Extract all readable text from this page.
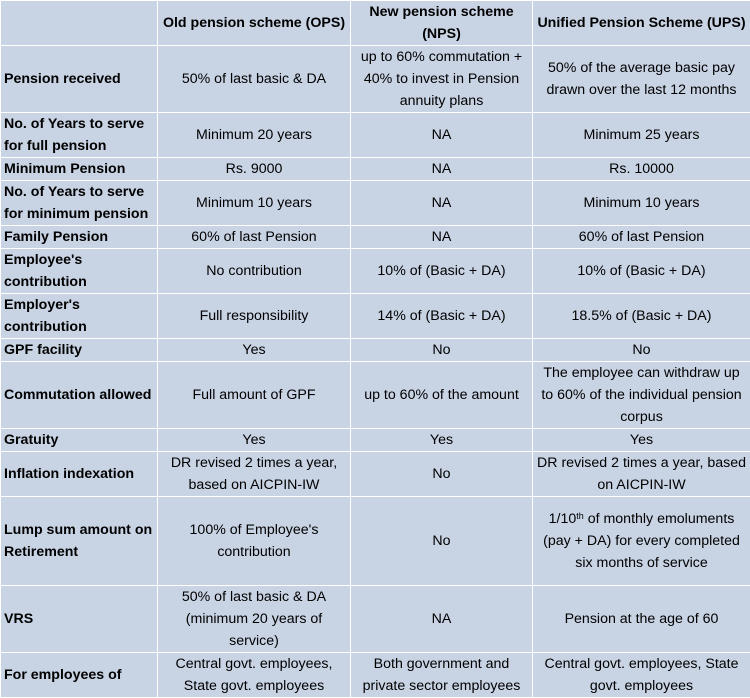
	Old pension scheme (OPS)	New pension scheme (NPS)	Unified Pension Scheme (UPS)
Pension received	50% of last basic & DA	up to 60% commutation + 40% to invest in Pension annuity plans	50% of the average basic pay drawn over the last 12 months
No. of Years to serve for full pension	Minimum 20 years	NA	Minimum 25 years
Minimum Pension	Rs. 9000	NA	Rs. 10000
No. of Years to serve for minimum pension	Minimum 10 years	NA	Minimum 10 years
Family Pension	60% of last Pension	NA	60% of last Pension
Employee's contribution	No contribution	10% of (Basic + DA)	10% of (Basic + DA)
Employer's contribution	Full responsibility	14% of (Basic + DA)	18.5% of (Basic + DA)
GPF facility	Yes	No	No
Commutation allowed	Full amount of GPF	up to 60% of the amount	The employee can withdraw up to 60% of the individual pension corpus
Gratuity	Yes	Yes	Yes
Inflation indexation	DR revised 2 times a year, based on AICPIN-IW	No	DR revised 2 times a year, based on AICPIN-IW
Lump sum amount on Retirement	100% of Employee's contribution	No	1/10th of monthly emoluments (pay + DA) for every completed six months of service
VRS	50% of last basic & DA (minimum 20 years of service)	NA	Pension at the age of 60
For employees of	Central govt. employees, State govt. employees	Both government and private sector employees	Central govt. employees, State govt. employees
